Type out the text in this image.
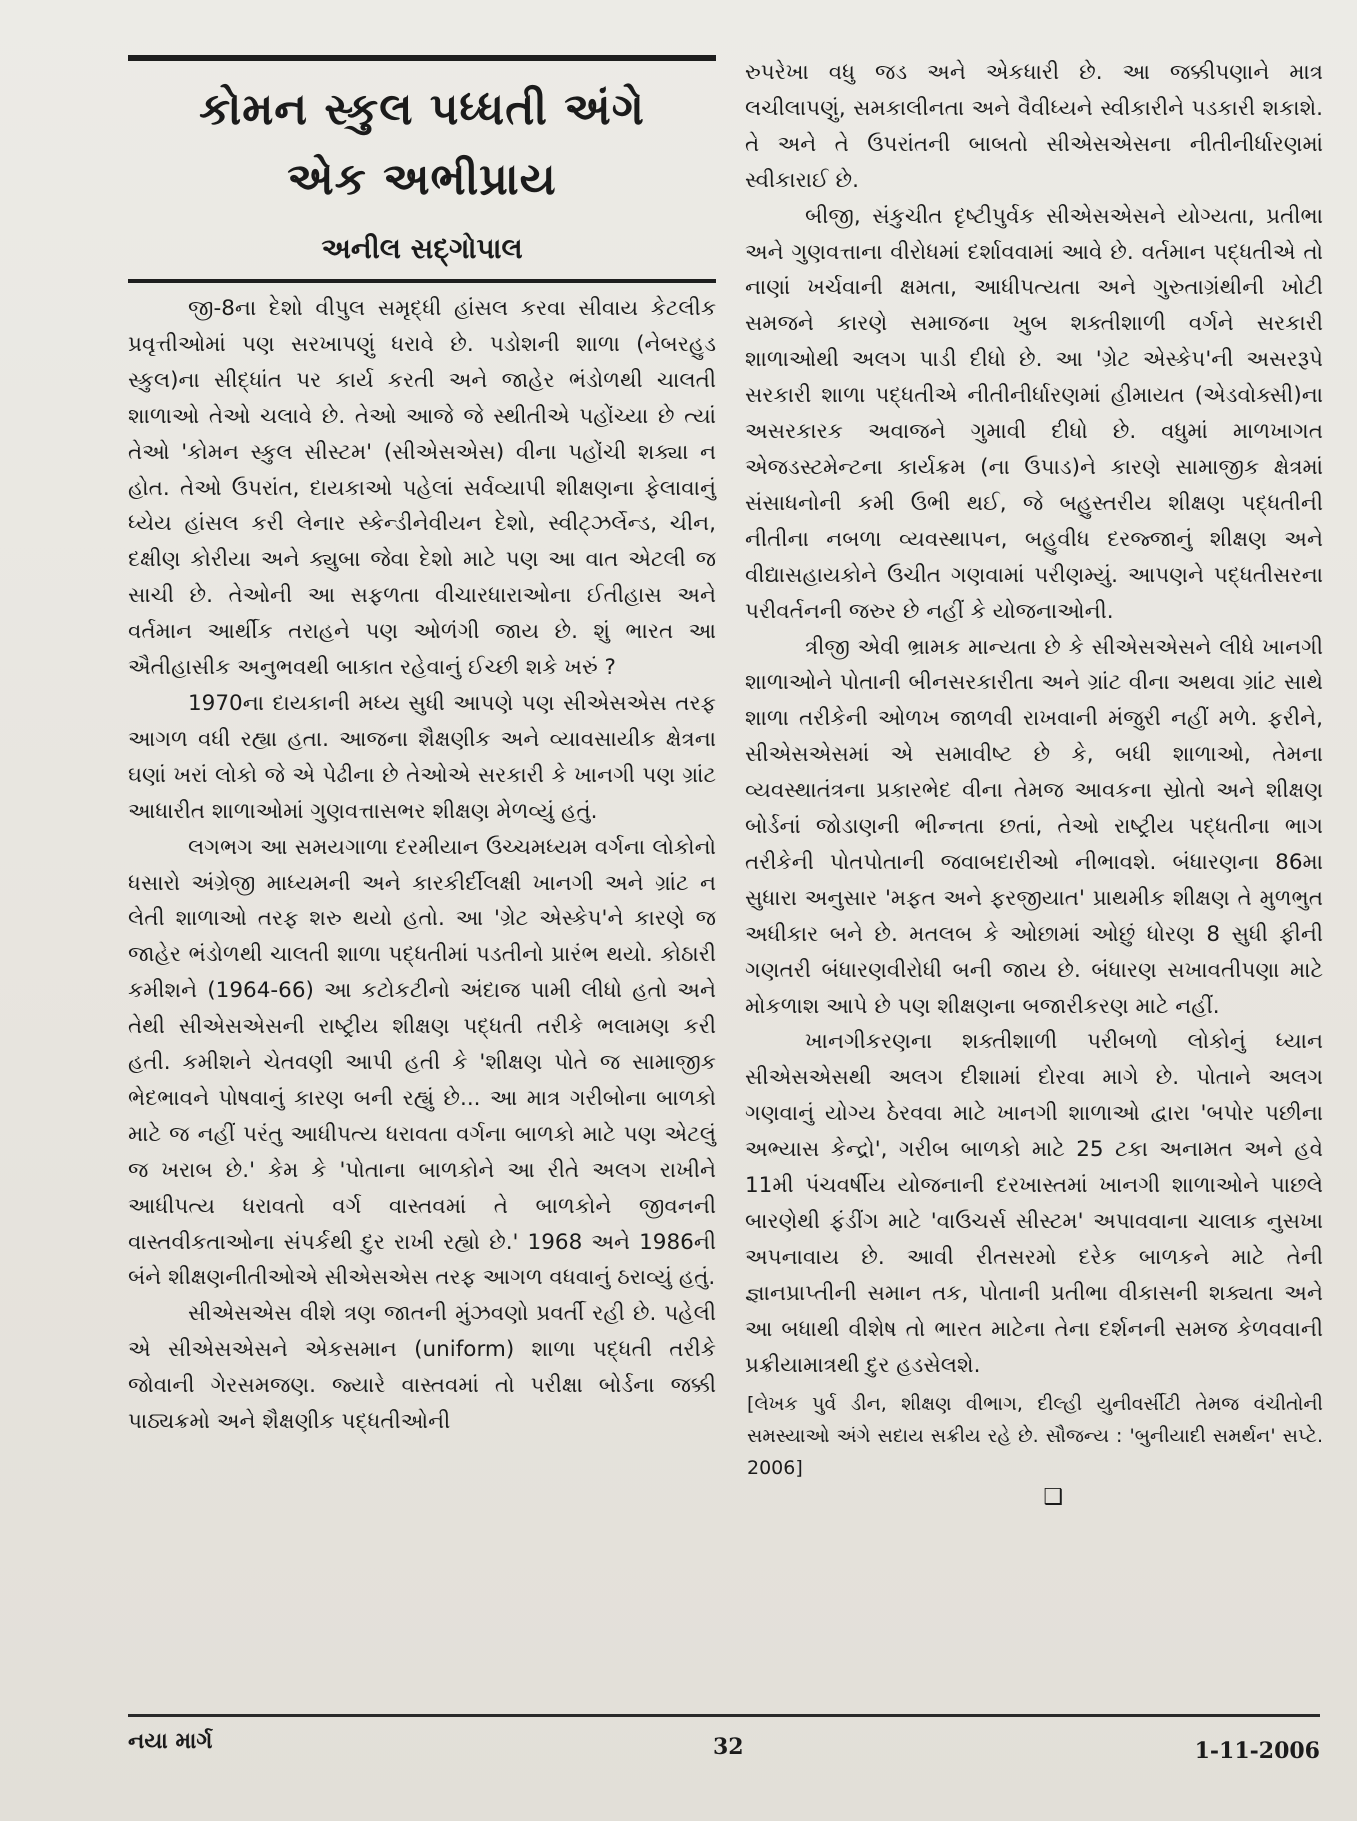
કોમન સ્કુલ પધ્ધતી અંગે
એક અભીપ્રાય
અનીલ સદ્ગોપાલ

જી-8ના દેશો વીપુલ સમૃદ્ધી હાંસલ કરવા સીવાય કેટલીક પ્રવૃત્તીઓમાં પણ સરખાપણું ધરાવે છે. પડોશની શાળા (નેબરહુડ સ્કુલ)ના સીદ્ધાંત પર કાર્ય કરતી અને જાહેર ભંડોળથી ચાલતી શાળાઓ તેઓ ચલાવે છે. તેઓ આજે જે સ્થીતીએ પહોંચ્યા છે ત્યાં તેઓ 'કોમન સ્કુલ સીસ્ટમ' (સીએસએસ) વીના પહોંચી શક્યા ન હોત. તેઓ ઉપરાંત, દાયકાઓ પહેલાં સર્વવ્યાપી શીક્ષણના ફેલાવાનું ધ્યેય હાંસલ કરી લેનાર સ્કેન્ડીનેવીયન દેશો, સ્વીટ્ઝર્લેન્ડ, ચીન, દક્ષીણ કોરીયા અને ક્યુબા જેવા દેશો માટે પણ આ વાત એટલી જ સાચી છે. તેઓની આ સફળતા વીચારધારાઓના ઈતીહાસ અને વર્તમાન આર્થીક તરાહને પણ ઓળંગી જાય છે. શું ભારત આ ઐતીહાસીક અનુભવથી બાકાત રહેવાનું ઈચ્છી શકે ખરું ?

1970ના દાયકાની મધ્ય સુધી આપણે પણ સીએસએસ તરફ આગળ વધી રહ્યા હતા. આજના શૈક્ષણીક અને વ્યાવસાયીક ક્ષેત્રના ઘણાં ખરાં લોકો જે એ પેઢીના છે તેઓએ સરકારી કે ખાનગી પણ ગ્રાંટ આધારીત શાળાઓમાં ગુણવત્તાસભર શીક્ષણ મેળવ્યું હતું.

લગભગ આ સમયગાળા દરમીયાન ઉચ્ચમધ્યમ વર્ગના લોકોનો ધસારો અંગ્રેજી માધ્યમની અને કારકીર્દીલક્ષી ખાનગી અને ગ્રાંટ ન લેતી શાળાઓ તરફ શરુ થયો હતો. આ 'ગ્રેટ એસ્કેપ'ને કારણે જ જાહેર ભંડોળથી ચાલતી શાળા પદ્ધતીમાં પડતીનો પ્રારંભ થયો. કોઠારી કમીશને (1964-66) આ કટોકટીનો અંદાજ પામી લીધો હતો અને તેથી સીએસએસની રાષ્ટ્રીય શીક્ષણ પદ્ધતી તરીકે ભલામણ કરી હતી. કમીશને ચેતવણી આપી હતી કે 'શીક્ષણ પોતે જ સામાજીક ભેદભાવને પોષવાનું કારણ બની રહ્યું છે... આ માત્ર ગરીબોના બાળકો માટે જ નહીં પરંતુ આધીપત્ય ધરાવતા વર્ગના બાળકો માટે પણ એટલું જ ખરાબ છે.' કેમ કે 'પોતાના બાળકોને આ રીતે અલગ રાખીને આધીપત્ય ધરાવતો વર્ગ વાસ્તવમાં તે બાળકોને જીવનની વાસ્તવીકતાઓના સંપર્કથી દુર રાખી રહ્યો છે.' 1968 અને 1986ની બંને શીક્ષણનીતીઓએ સીએસએસ તરફ આગળ વધવાનું ઠરાવ્યું હતું.

સીએસએસ વીશે ત્રણ જાતની મુંઝવણો પ્રવર્તી રહી છે. પહેલી એ સીએસએસને એકસમાન (uniform) શાળા પદ્ધતી તરીકે જોવાની ગેરસમજણ. જ્યારે વાસ્તવમાં તો પરીક્ષા બોર્ડના જક્કી પાઠ્યક્રમો અને શૈક્ષણીક પદ્ધતીઓની

રુપરેખા વધુ જડ અને એકધારી છે. આ જક્કીપણાને માત્ર લચીલાપણું, સમકાલીનતા અને વૈવીધ્યને સ્વીકારીને પડકારી શકાશે. તે અને તે ઉપરાંતની બાબતો સીએસએસના નીતીનીર્ધારણમાં સ્વીકારાઈ છે.

બીજી, સંકુચીત દૃષ્ટીપુર્વક સીએસએસને યોગ્યતા, પ્રતીભા અને ગુણવત્તાના વીરોધમાં દર્શાવવામાં આવે છે. વર્તમાન પદ્ધતીએ તો નાણાં ખર્ચવાની ક્ષમતા, આધીપત્યતા અને ગુરુતાગ્રંથીની ખોટી સમજને કારણે સમાજના ખુબ શક્તીશાળી વર્ગને સરકારી શાળાઓથી અલગ પાડી દીધો છે. આ 'ગ્રેટ એસ્કેપ'ની અસરરૂપે સરકારી શાળા પદ્ધતીએ નીતીનીર્ધારણમાં હીમાયત (એડવોક્સી)ના અસરકારક અવાજને ગુમાવી દીધો છે. વધુમાં માળખાગત એજડસ્ટમેન્ટના કાર્યક્રમ (ના ઉપાડ)ને કારણે સામાજીક ક્ષેત્રમાં સંસાધનોની કમી ઉભી થઈ, જે બહુસ્તરીય શીક્ષણ પદ્ધતીની નીતીના નબળા વ્યવસ્થાપન, બહુવીધ દરજ્જાનું શીક્ષણ અને વીદ્યાસહાયકોને ઉચીત ગણવામાં પરીણમ્યું. આપણને પદ્ધતીસરના પરીવર્તનની જરુર છે નહીં કે યોજનાઓની.

ત્રીજી એવી ભ્રામક માન્યતા છે કે સીએસએસને લીધે ખાનગી શાળાઓને પોતાની બીનસરકારીતા અને ગ્રાંટ વીના અથવા ગ્રાંટ સાથે શાળા તરીકેની ઓળખ જાળવી રાખવાની મંજુરી નહીં મળે. ફરીને, સીએસએસમાં એ સમાવીષ્ટ છે કે, બધી શાળાઓ, તેમના વ્યવસ્થાતંત્રના પ્રકારભેદ વીના તેમજ આવકના સ્રોતો અને શીક્ષણ બોર્ડનાં જોડાણની ભીન્નતા છતાં, તેઓ રાષ્ટ્રીય પદ્ધતીના ભાગ તરીકેની પોતપોતાની જવાબદારીઓ નીભાવશે. બંધારણના 86મા સુધારા અનુસાર 'મફત અને ફરજીયાત' પ્રાથમીક શીક્ષણ તે મુળભુત અધીકાર બને છે. મતલબ કે ઓછામાં ઓછું ધોરણ 8 સુધી ફીની ગણતરી બંધારણવીરોધી બની જાય છે. બંધારણ સખાવતીપણા માટે મોકળાશ આપે છે પણ શીક્ષણના બજારીકરણ માટે નહીં.

ખાનગીકરણના શક્તીશાળી પરીબળો લોકોનું ધ્યાન સીએસએસથી અલગ દીશામાં દોરવા માગે છે. પોતાને અલગ ગણવાનું યોગ્ય ઠેરવવા માટે ખાનગી શાળાઓ દ્વારા 'બપોર પછીના અભ્યાસ કેન્દ્રો', ગરીબ બાળકો માટે 25 ટકા અનામત અને હવે 11મી પંચવર્ષીય યોજનાની દરખાસ્તમાં ખાનગી શાળાઓને પાછલે બારણેથી ફંડીંગ માટે 'વાઉચર્સ સીસ્ટમ' અપાવવાના ચાલાક નુસખા અપનાવાય છે. આવી રીતસરમો દરેક બાળકને માટે તેની જ્ઞાનપ્રાપ્તીની સમાન તક, પોતાની પ્રતીભા વીકાસની શક્યતા અને આ બધાથી વીશેષ તો ભારત માટેના તેના દર્શનની સમજ કેળવવાની પ્રક્રીયામાત્રથી દુર હડસેલશે.

[લેખક પુર્વ ડીન, શીક્ષણ વીભાગ, દીલ્હી યુનીવર્સીટી તેમજ વંચીતોની સમસ્યાઓ અંગે સદાય સક્રીય રહે છે. સૌજન્ય : 'બુનીયાદી સમર્થન' સપ્ટે. 2006]

❑
નયા માર્ગ	32	1-11-2006
